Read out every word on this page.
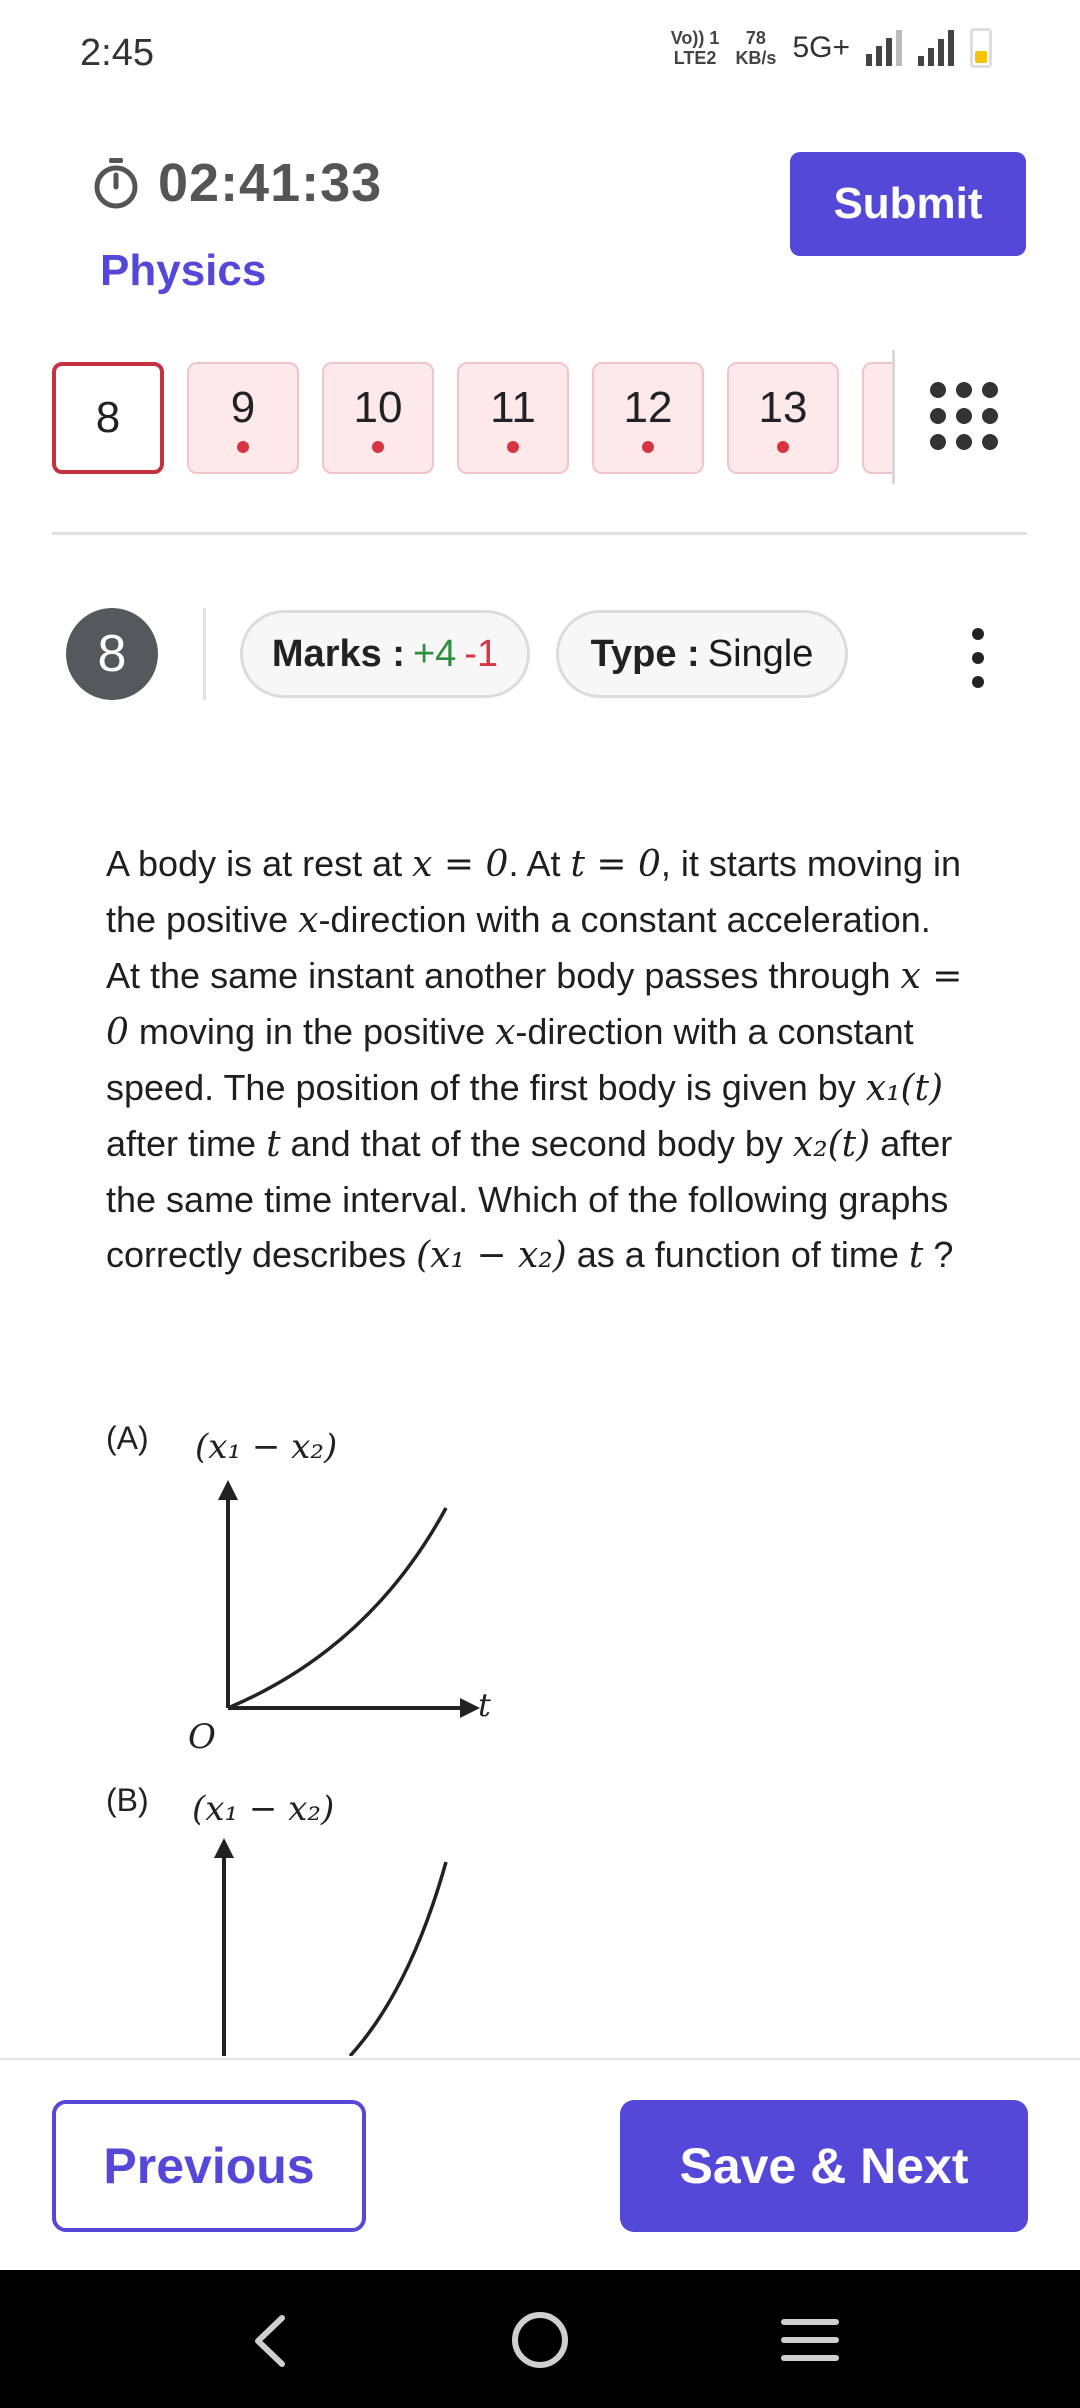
2:45	Vo)) 1
LTE2
78
KB/s 5G+
02:41:33
Physics
Submit
8	9 10 11 12 13
8	Marks : +4 -1 Type : Single
A body is at rest at x = 0. At t = 0, it starts moving in the positive x-direction with a constant acceleration. At the same instant another body passes through x = 0 moving in the positive x-direction with a constant speed. The position of the first body is given by x₁(t) after time t and that of the second body by x₂(t) after the same time interval. Which of the following graphs correctly describes (x₁ − x₂) as a function of time t ?
(A) (x₁ − x₂)
t
O
(B) (x₁ − x₂)
Previous	Save & Next
